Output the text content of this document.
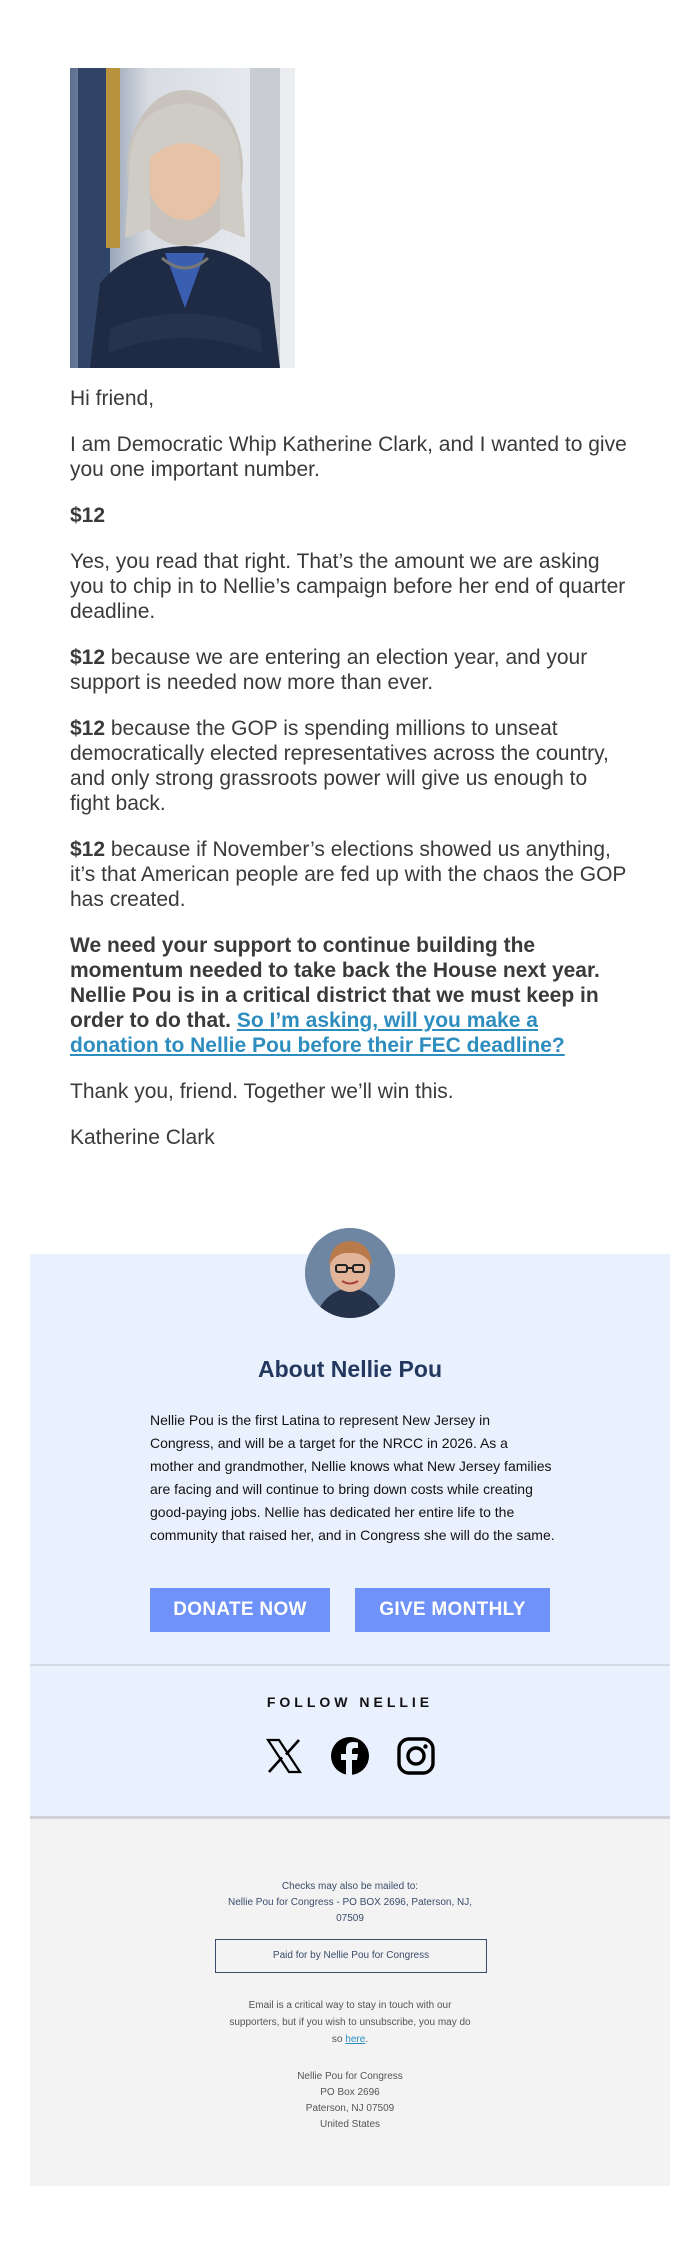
Hi friend,

I am Democratic Whip Katherine Clark, and I wanted to give you one important number.

$12

Yes, you read that right. That’s the amount we are asking you to chip in to Nellie’s campaign before her end of quarter deadline.

$12 because we are entering an election year, and your support is needed now more than ever.

$12 because the GOP is spending millions to unseat democratically elected representatives across the country, and only strong grassroots power will give us enough to fight back.

$12 because if November’s elections showed us anything, it’s that American people are fed up with the chaos the GOP has created.

We need your support to continue building the momentum needed to take back the House next year. Nellie Pou is in a critical district that we must keep in order to do that. So I’m asking, will you make a donation to Nellie Pou before their FEC deadline?

Thank you, friend. Together we’ll win this.

Katherine Clark

About Nellie Pou
Nellie Pou is the first Latina to represent New Jersey in Congress, and will be a target for the NRCC in 2026. As a mother and grandmother, Nellie knows what New Jersey families are facing and will continue to bring down costs while creating good-paying jobs. Nellie has dedicated her entire life to the community that raised her, and in Congress she will do the same.
DONATE NOW	GIVE MONTHLY
FOLLOW NELLIE
Checks may also be mailed to:
Nellie Pou for Congress - PO BOX 2696, Paterson, NJ, 07509
Paid for by Nellie Pou for Congress
Email is a critical way to stay in touch with our supporters, but if you wish to unsubscribe, you may do so here.
Nellie Pou for Congress
PO Box 2696
Paterson, NJ 07509
United States
